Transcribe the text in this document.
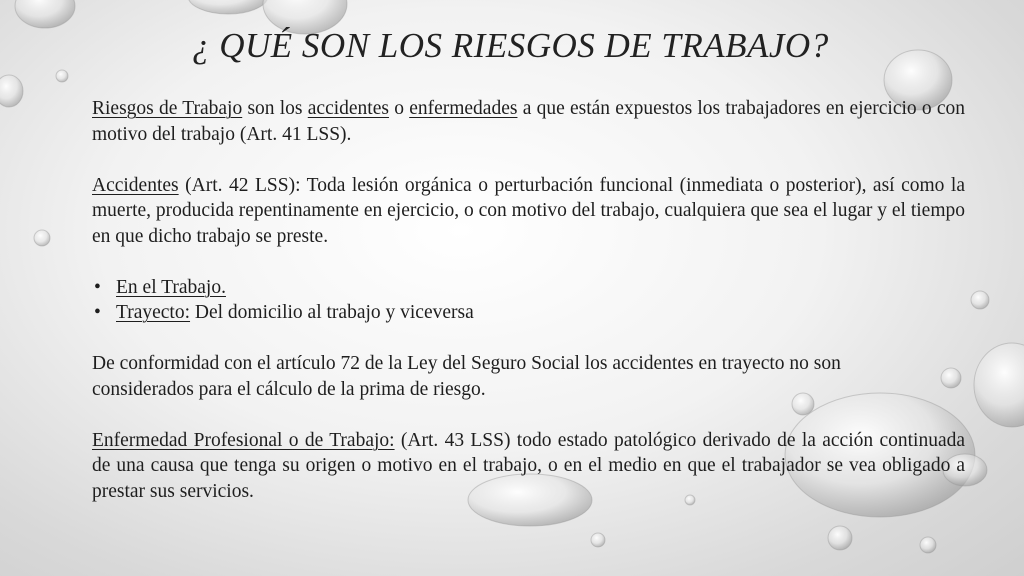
¿ QUÉ SON LOS RIESGOS DE TRABAJO?

Riesgos de Trabajo son los accidentes o enfermedades a que están expuestos los trabajadores en ejercicio o con motivo del trabajo (Art. 41 LSS).

Accidentes (Art. 42 LSS): Toda lesión orgánica o perturbación funcional (inmediata o posterior), así como la muerte, producida repentinamente en ejercicio, o con motivo del trabajo, cualquiera que sea el lugar y el tiempo en que dicho trabajo se preste.

• En el Trabajo.
• Trayecto: Del domicilio al trabajo y viceversa

De conformidad con el artículo 72 de la Ley del Seguro Social los accidentes en trayecto no son considerados para el cálculo de la prima de riesgo.

Enfermedad Profesional o de Trabajo: (Art. 43 LSS) todo estado patológico derivado de la acción continuada de una causa que tenga su origen o motivo en el trabajo, o en el medio en que el trabajador se vea obligado a prestar sus servicios.
